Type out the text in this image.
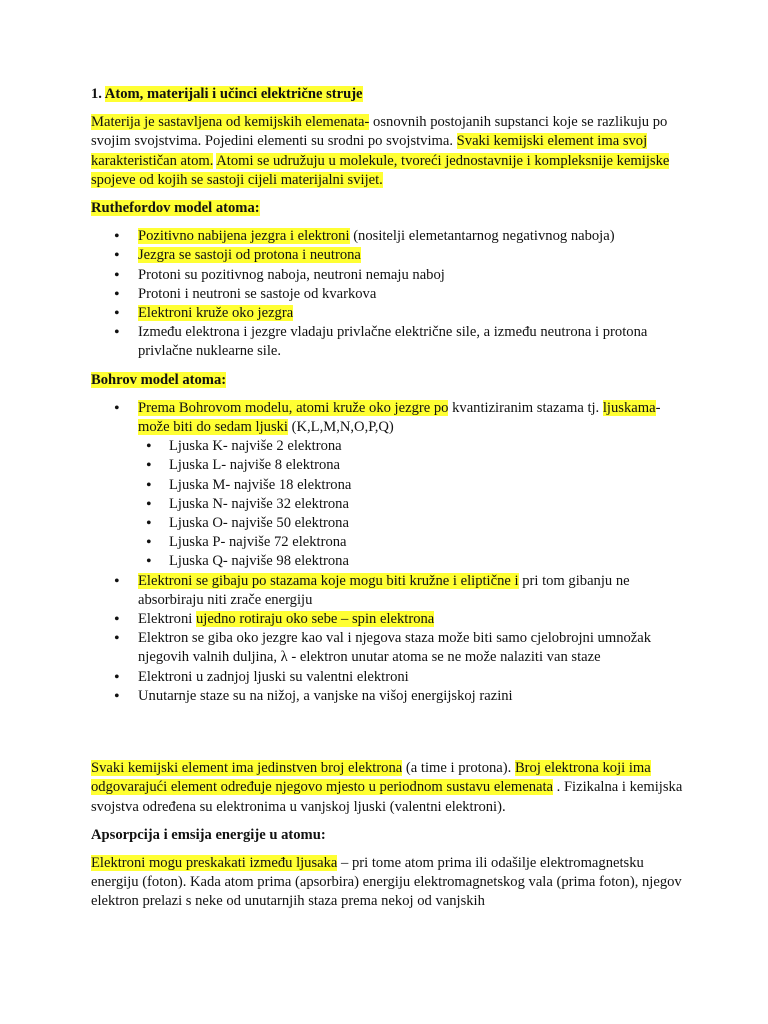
1. Atom, materijali i učinci električne struje

Materija je sastavljena od kemijskih elemenata- osnovnih postojanih supstanci koje se razlikuju po svojim svojstvima. Pojedini elementi su srodni po svojstvima. Svaki kemijski element ima svoj karakterističan atom. Atomi se udružuju u molekule, tvoreći jednostavnije i kompleksnije kemijske spojeve od kojih se sastoji cijeli materijalni svijet.

Ruthefordov model atoma:
• Pozitivno nabijena jezgra i elektroni (nositelji elemetantarnog negativnog naboja)
• Jezgra se sastoji od protona i neutrona
• Protoni su pozitivnog naboja, neutroni nemaju naboj
• Protoni i neutroni se sastoje od kvarkova
• Elektroni kruže oko jezgra
• Između elektrona i jezgre vladaju privlačne električne sile, a između neutrona i protona privlačne nuklearne sile.
Bohrov model atoma:
• Prema Bohrovom modelu, atomi kruže oko jezgre po kvantiziranim stazama tj. ljuskama- može biti do sedam ljuski (K,L,M,N,O,P,Q)
• Ljuska K- najviše 2 elektrona
• Ljuska L- najviše 8 elektrona
• Ljuska M- najviše 18 elektrona
• Ljuska N- najviše 32 elektrona
• Ljuska O- najviše 50 elektrona
• Ljuska P- najviše 72 elektrona
• Ljuska Q- najviše 98 elektrona
• Elektroni se gibaju po stazama koje mogu biti kružne i eliptične i pri tom gibanju ne absorbiraju niti zrače energiju
• Elektroni ujedno rotiraju oko sebe – spin elektrona
• Elektron se giba oko jezgre kao val i njegova staza može biti samo cjelobrojni umnožak njegovih valnih duljina, λ - elektron unutar atoma se ne može nalaziti van staze
• Elektroni u zadnjoj ljuski su valentni elektroni
• Unutarnje staze su na nižoj, a vanjske na višoj energijskoj razini

Svaki kemijski element ima jedinstven broj elektrona (a time i protona). Broj elektrona koji ima odgovarajući element određuje njegovo mjesto u periodnom sustavu elemenata . Fizikalna i kemijska svojstva određena su elektronima u vanjskoj ljuski (valentni elektroni).

Apsorpcija i emsija energije u atomu:

Elektroni mogu preskakati između ljusaka – pri tome atom prima ili odašilje elektromagnetsku energiju (foton). Kada atom prima (apsorbira) energiju elektromagnetskog vala (prima foton), njegov elektron prelazi s neke od unutarnjih staza prema nekoj od vanjskih
